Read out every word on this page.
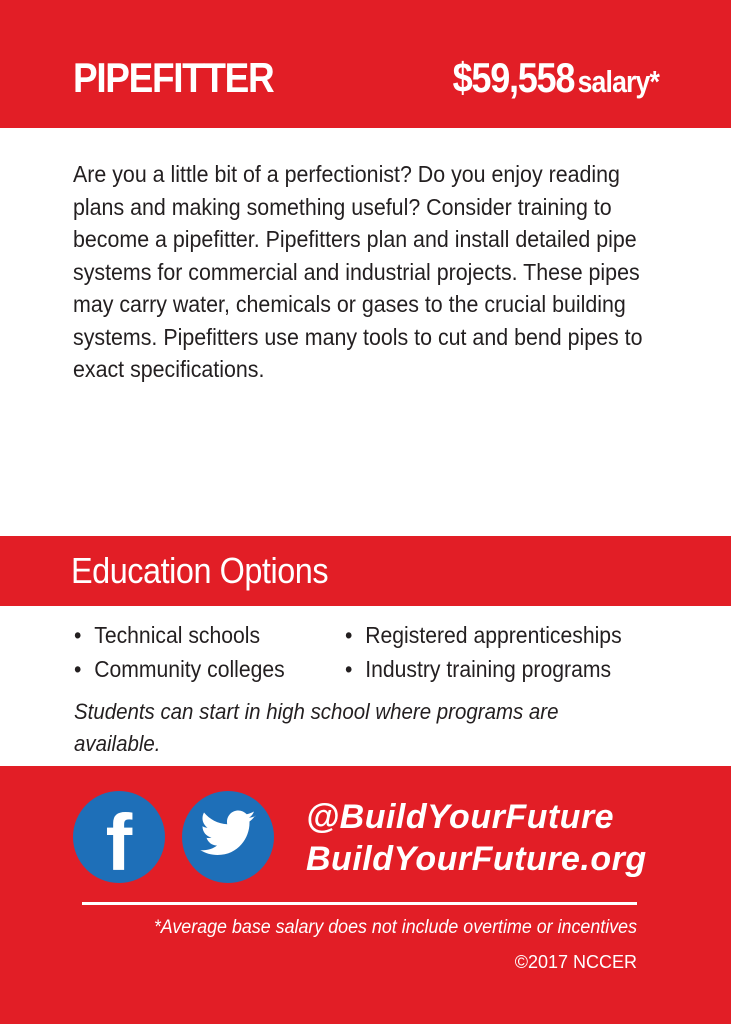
PIPEFITTER	$59,558 salary*
Are you a little bit of a perfectionist? Do you enjoy reading plans and making something useful? Consider training to become a pipefitter. Pipefitters plan and install detailed pipe systems for commercial and industrial projects. These pipes may carry water, chemicals or gases to the crucial building systems. Pipefitters use many tools to cut and bend pipes to exact specifications.
Education Options
• Technical schools
• Community colleges
• Registered apprenticeships
• Industry training programs
Students can start in high school where programs are available.
f	@BuildYourFuture
BuildYourFuture.org
*Average base salary does not include overtime or incentives
©2017 NCCER
